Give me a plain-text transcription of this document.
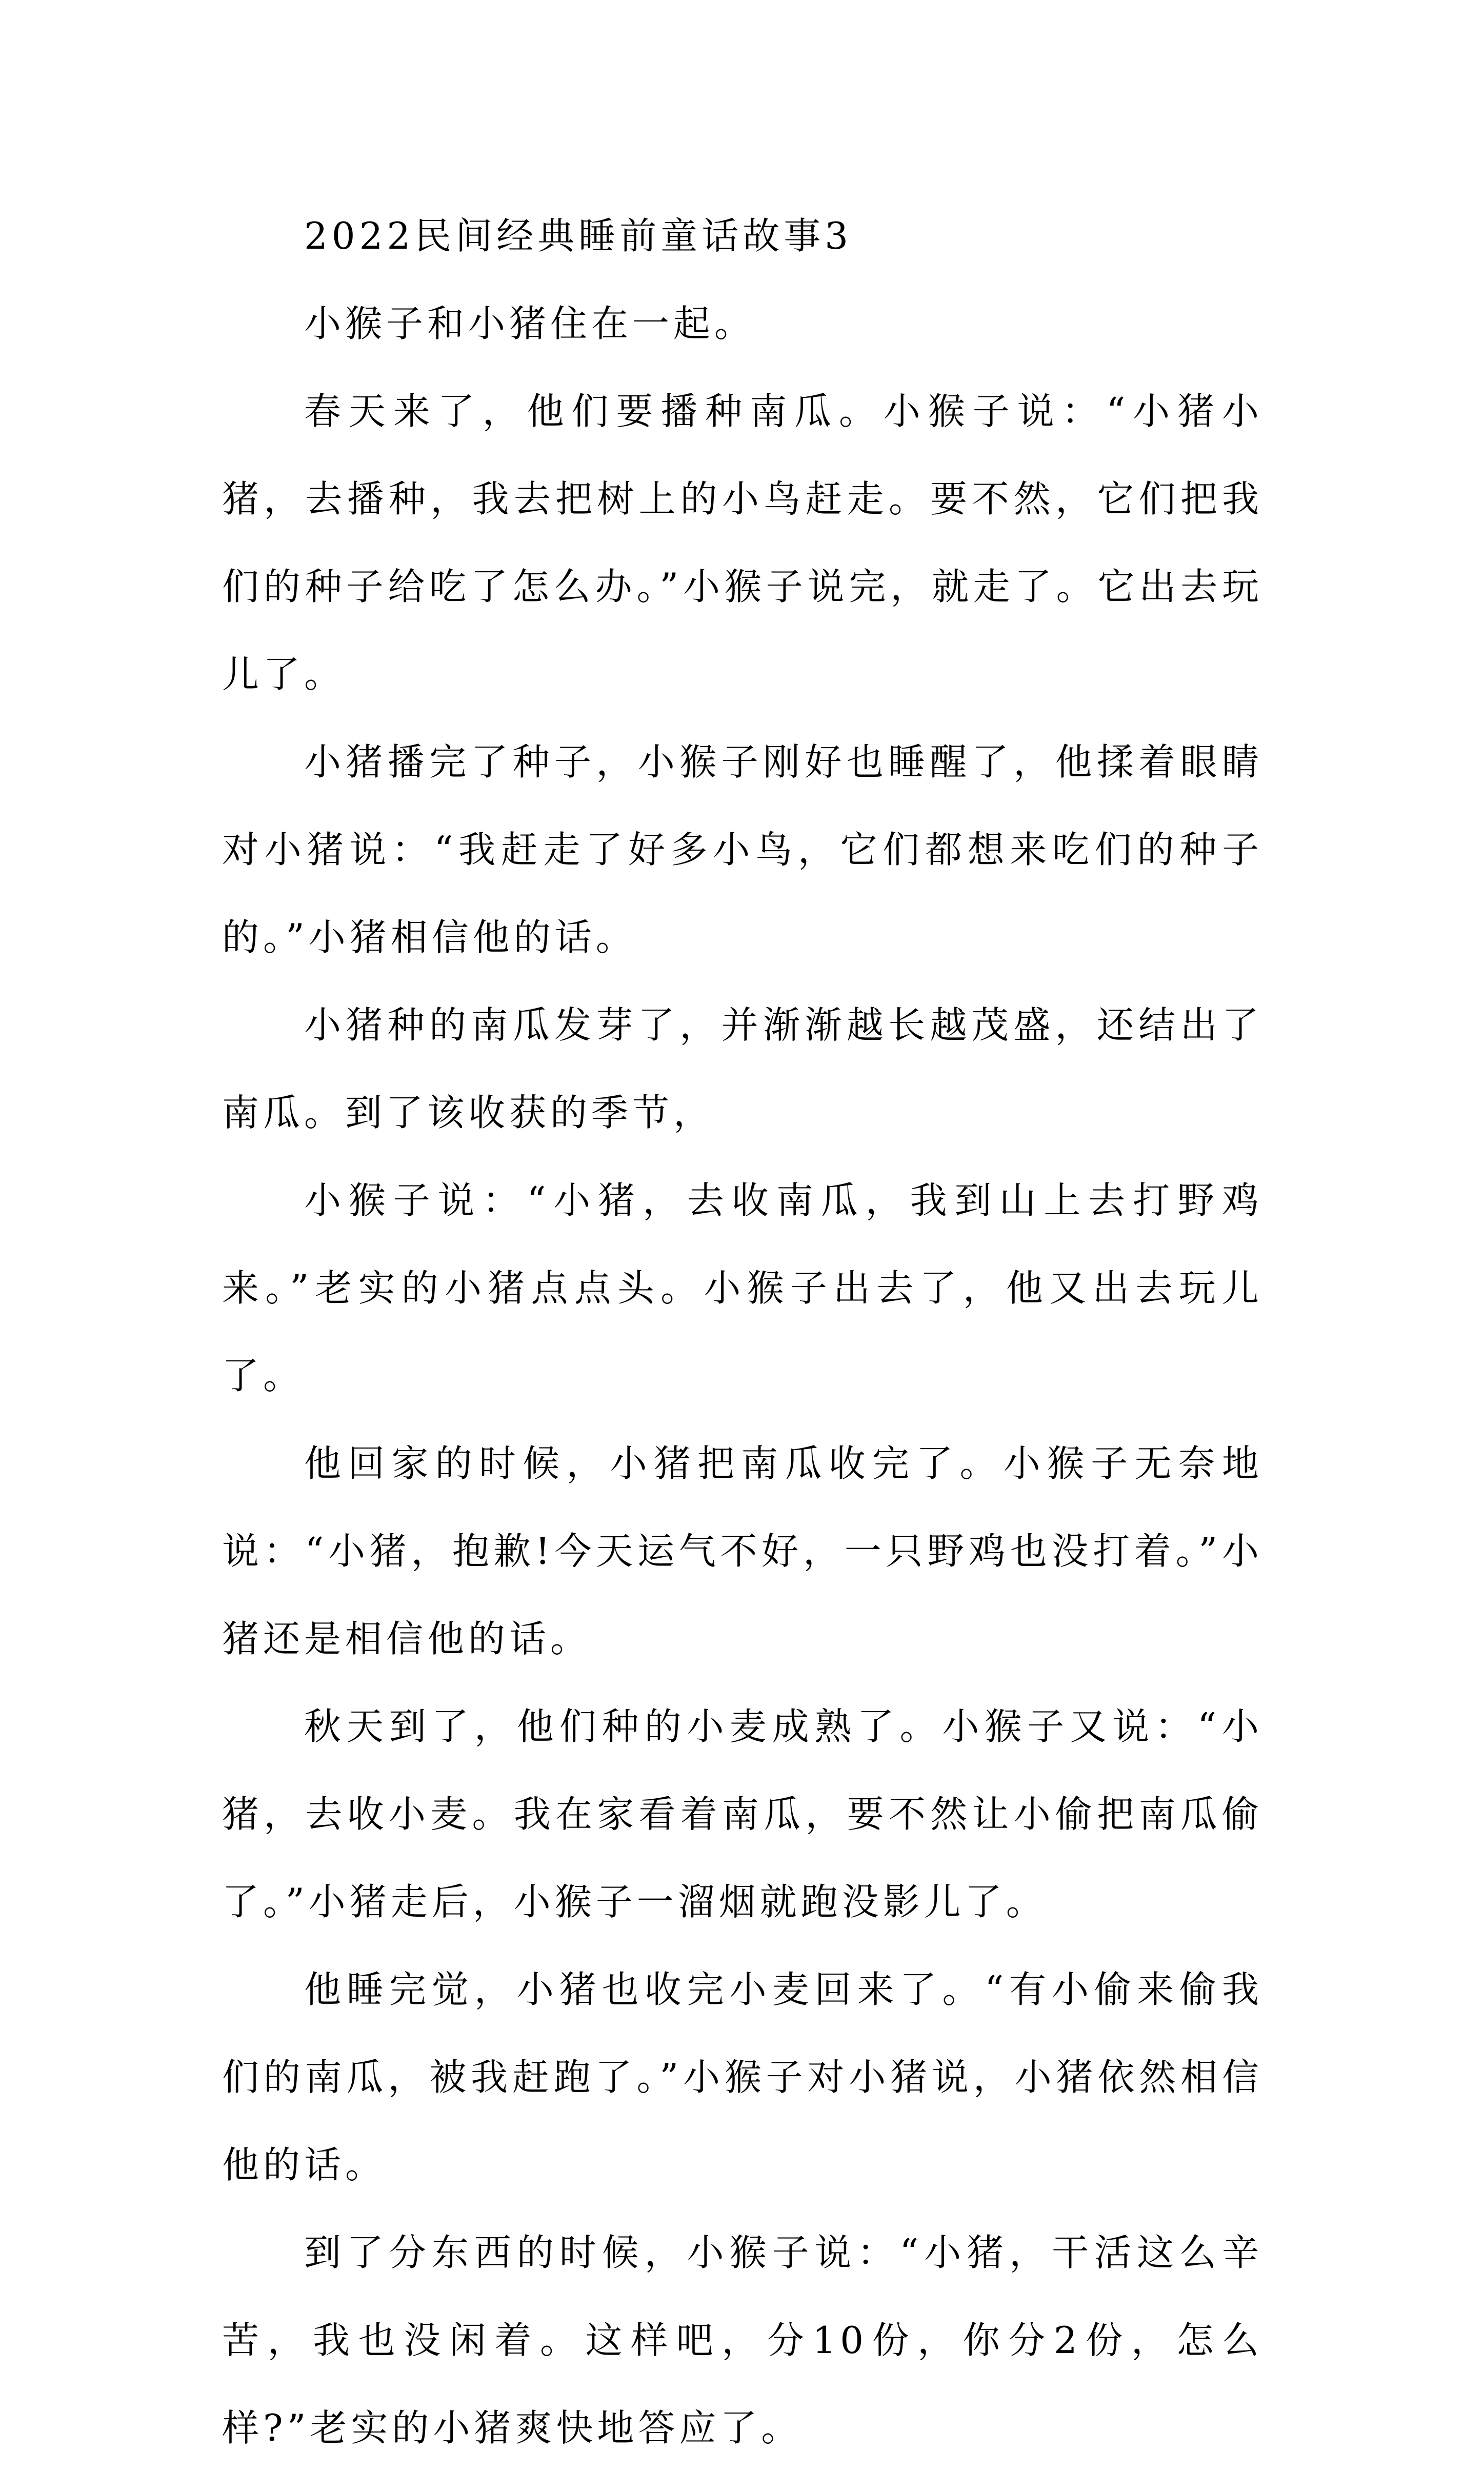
2022民间经典睡前童话故事3

小猴子和小猪住在一起。

春天来了，他们要播种南瓜。小猴子说：“小猪小猪，去播种，我去把树上的小鸟赶走。要不然，它们把我们的种子给吃了怎么办。”小猴子说完，就走了。它出去玩儿了。

小猪播完了种子，小猴子刚好也睡醒了，他揉着眼睛对小猪说：“我赶走了好多小鸟，它们都想来吃们的种子的。”小猪相信他的话。

小猪种的南瓜发芽了，并渐渐越长越茂盛，还结出了南瓜。到了该收获的季节，

小猴子说：“小猪，去收南瓜，我到山上去打野鸡来。”老实的小猪点点头。小猴子出去了，他又出去玩儿了。

他回家的时候，小猪把南瓜收完了。小猴子无奈地说：“小猪，抱歉!今天运气不好，一只野鸡也没打着。”小猪还是相信他的话。

秋天到了，他们种的小麦成熟了。小猴子又说：“小猪，去收小麦。我在家看着南瓜，要不然让小偷把南瓜偷了。”小猪走后，小猴子一溜烟就跑没影儿了。

他睡完觉，小猪也收完小麦回来了。“有小偷来偷我们的南瓜，被我赶跑了。”小猴子对小猪说，小猪依然相信他的话。

到了分东西的时候，小猴子说：“小猪，干活这么辛苦，我也没闲着。这样吧，分10份，你分2份，怎么样?”老实的小猪爽快地答应了。
